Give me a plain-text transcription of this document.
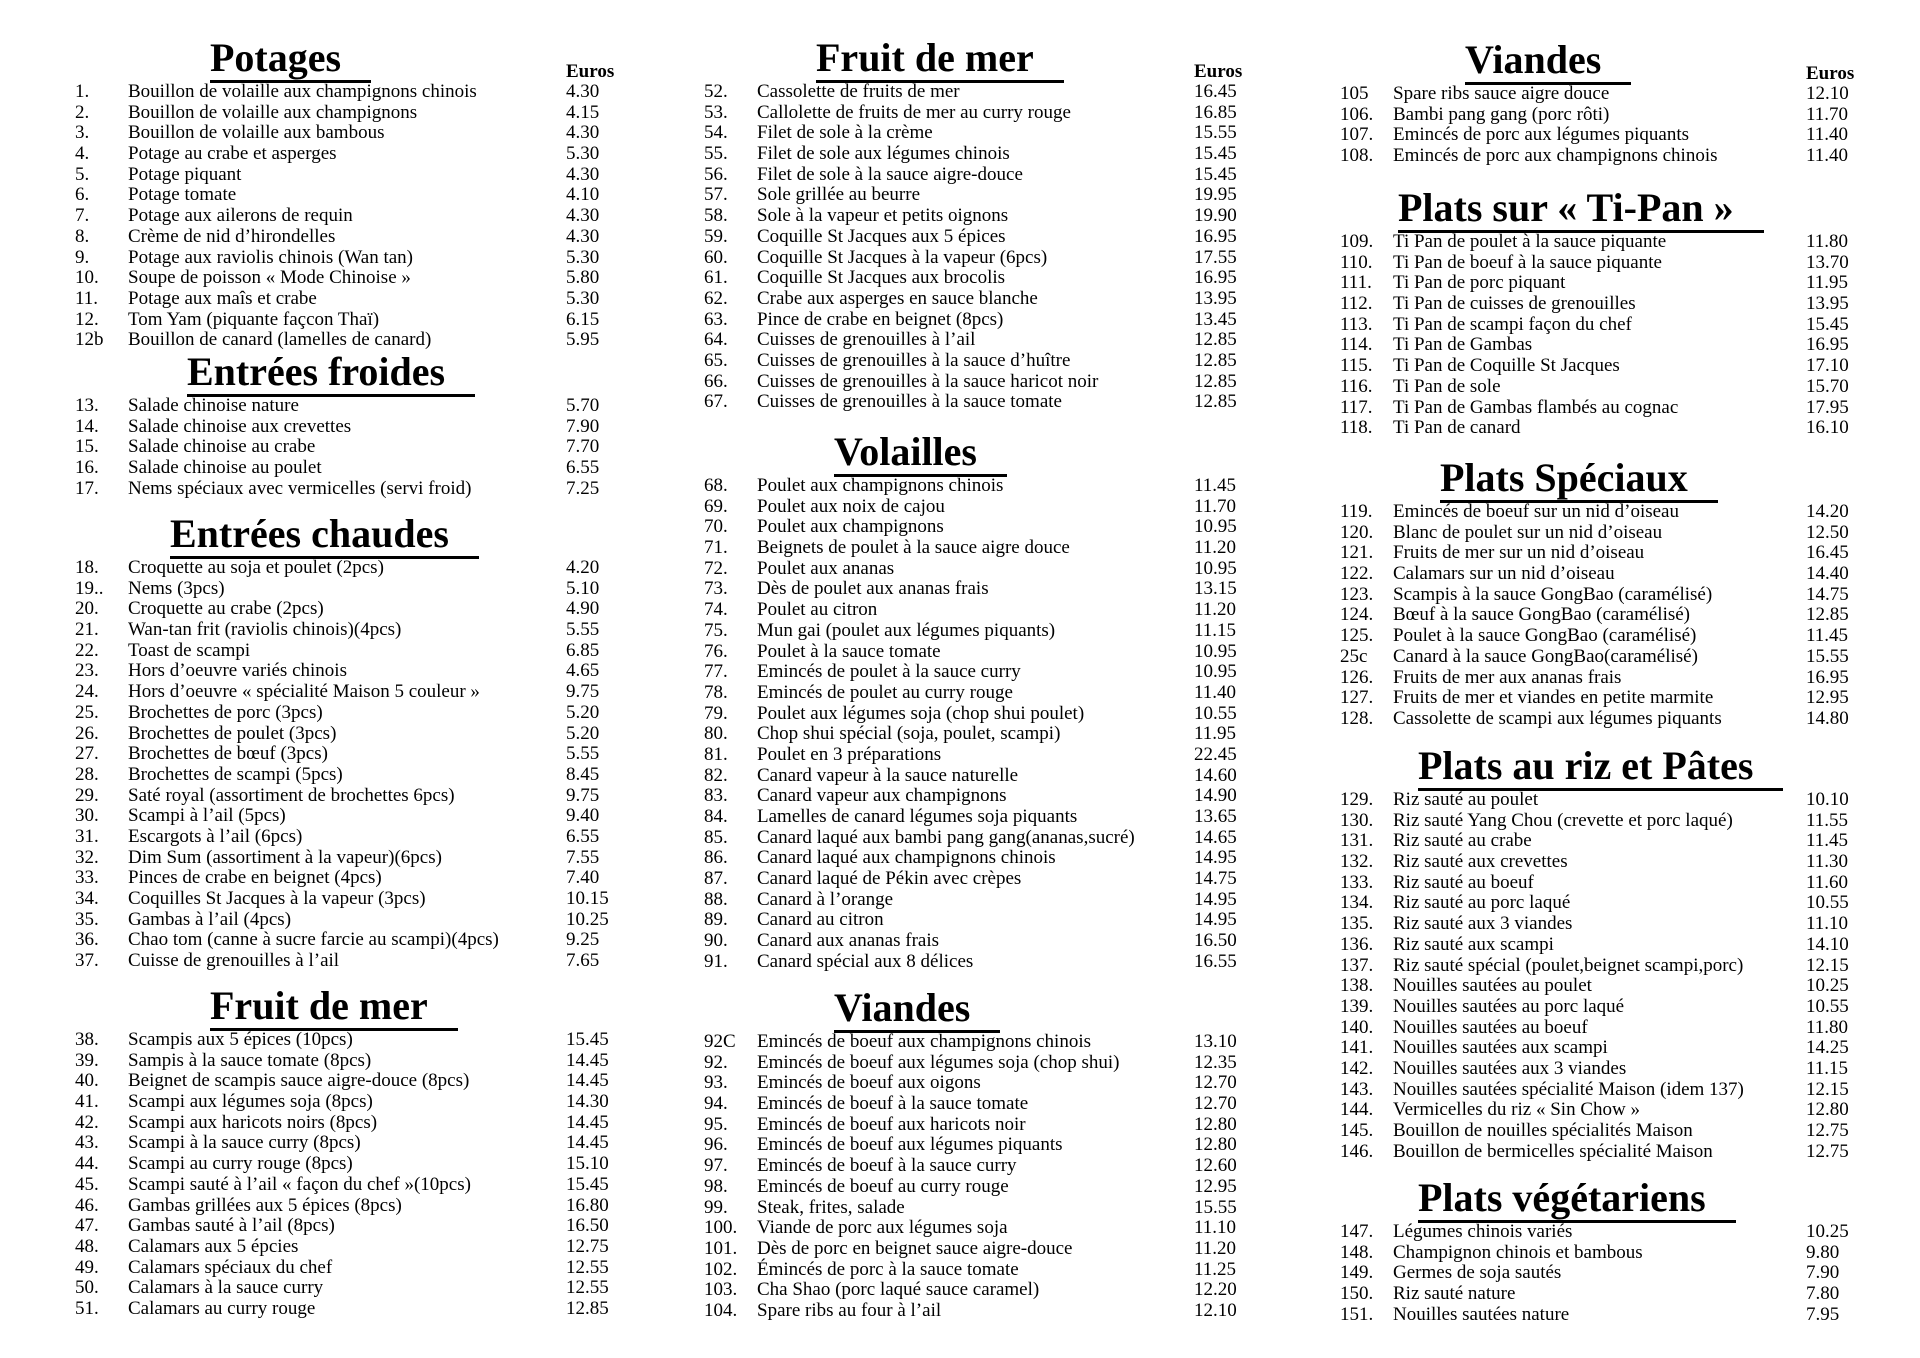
Potages	Euros
1. Bouillon de volaille aux champignons chinois	4.30
2. Bouillon de volaille aux champignons	4.15
3. Bouillon de volaille aux bambous	4.30
4. Potage au crabe et asperges	5.30
5. Potage piquant	4.30
6. Potage tomate	4.10
7. Potage aux ailerons de requin	4.30
8. Crème de nid d’hirondelles	4.30
9. Potage aux raviolis chinois (Wan tan)	5.30
10. Soupe de poisson « Mode Chinoise »	5.80
11. Potage aux maîs et crabe	5.30
12. Tom Yam (piquante façcon Thaï)	6.15
12b Bouillon de canard (lamelles de canard)	5.95
Entrées froides
13. Salade chinoise nature	5.70
14. Salade chinoise aux crevettes	7.90
15. Salade chinoise au crabe	7.70
16. Salade chinoise au poulet	6.55
17. Nems spéciaux avec vermicelles (servi froid)	7.25
Entrées chaudes
18. Croquette au soja et poulet (2pcs)	4.20
19.. Nems (3pcs)	5.10
20. Croquette au crabe (2pcs)	4.90
21. Wan-tan frit (raviolis chinois)(4pcs)	5.55
22. Toast de scampi	6.85
23. Hors d’oeuvre variés chinois	4.65
24. Hors d’oeuvre « spécialité Maison 5 couleur »	9.75
25. Brochettes de porc (3pcs)	5.20
26. Brochettes de poulet (3pcs)	5.20
27. Brochettes de bœuf (3pcs)	5.55
28. Brochettes de scampi (5pcs)	8.45
29. Saté royal (assortiment de brochettes 6pcs)	9.75
30. Scampi à l’ail (5pcs)	9.40
31. Escargots à l’ail (6pcs)	6.55
32. Dim Sum (assortiment à la vapeur)(6pcs)	7.55
33. Pinces de crabe en beignet (4pcs)	7.40
34. Coquilles St Jacques à la vapeur (3pcs)	10.15
35. Gambas à l’ail (4pcs)	10.25
36. Chao tom (canne à sucre farcie au scampi)(4pcs)	9.25
37. Cuisse de grenouilles à l’ail	7.65
Fruit de mer
38. Scampis aux 5 épices (10pcs)	15.45
39. Sampis à la sauce tomate (8pcs)	14.45
40. Beignet de scampis sauce aigre-douce (8pcs)	14.45
41. Scampi aux légumes soja (8pcs)	14.30
42. Scampi aux haricots noirs (8pcs)	14.45
43. Scampi à la sauce curry (8pcs)	14.45
44. Scampi au curry rouge (8pcs)	15.10
45. Scampi sauté à l’ail « façon du chef »(10pcs)	15.45
46. Gambas grillées aux 5 épices (8pcs)	16.80
47. Gambas sauté à l’ail (8pcs)	16.50
48. Calamars aux 5 épcies	12.75
49. Calamars spéciaux du chef	12.55
50. Calamars à la sauce curry	12.55
51. Calamars au curry rouge	12.85
Fruit de mer	Euros
52. Cassolette de fruits de mer	16.45
53. Callolette de fruits de mer au curry rouge	16.85
54. Filet de sole à la crème	15.55
55. Filet de sole aux légumes chinois	15.45
56. Filet de sole à la sauce aigre-douce	15.45
57. Sole grillée au beurre	19.95
58. Sole à la vapeur et petits oignons	19.90
59. Coquille St Jacques aux 5 épices	16.95
60. Coquille St Jacques à la vapeur (6pcs)	17.55
61. Coquille St Jacques aux brocolis	16.95
62. Crabe aux asperges en sauce blanche	13.95
63. Pince de crabe en beignet (8pcs)	13.45
64. Cuisses de grenouilles à l’ail	12.85
65. Cuisses de grenouilles à la sauce d’huître	12.85
66. Cuisses de grenouilles à la sauce haricot noir	12.85
67. Cuisses de grenouilles à la sauce tomate	12.85
Volailles
68. Poulet aux champignons chinois	11.45
69. Poulet aux noix de cajou	11.70
70. Poulet aux champignons	10.95
71. Beignets de poulet à la sauce aigre douce	11.20
72. Poulet aux ananas	10.95
73. Dès de poulet aux ananas frais	13.15
74. Poulet au citron	11.20
75. Mun gai (poulet aux légumes piquants)	11.15
76. Poulet à la sauce tomate	10.95
77. Emincés de poulet à la sauce curry	10.95
78. Emincés de poulet au curry rouge	11.40
79. Poulet aux légumes soja (chop shui poulet)	10.55
80. Chop shui spécial (soja, poulet, scampi)	11.95
81. Poulet en 3 préparations	22.45
82. Canard vapeur à la sauce naturelle	14.60
83. Canard vapeur aux champignons	14.90
84. Lamelles de canard légumes soja piquants	13.65
85. Canard laqué aux bambi pang gang(ananas,sucré)	14.65
86. Canard laqué aux champignons chinois	14.95
87. Canard laqué de Pékin avec crèpes	14.75
88. Canard à l’orange	14.95
89. Canard au citron	14.95
90. Canard aux ananas frais	16.50
91. Canard spécial aux 8 délices	16.55
Viandes
92C Emincés de boeuf aux champignons chinois	13.10
92. Emincés de boeuf aux légumes soja (chop shui)	12.35
93. Emincés de boeuf aux oigons	12.70
94. Emincés de boeuf à la sauce tomate	12.70
95. Emincés de boeuf aux haricots noir	12.80
96. Emincés de boeuf aux légumes piquants	12.80
97. Emincés de boeuf à la sauce curry	12.60
98. Emincés de boeuf au curry rouge	12.95
99. Steak, frites, salade	15.55
100. Viande de porc aux légumes soja	11.10
101. Dès de porc en beignet sauce aigre-douce	11.20
102. Émincés de porc à la sauce tomate	11.25
103. Cha Shao (porc laqué sauce caramel)	12.20
104. Spare ribs au four à l’ail	12.10
Viandes	Euros
105 Spare ribs sauce aigre douce	12.10
106. Bambi pang gang (porc rôti)	11.70
107. Emincés de porc aux légumes piquants	11.40
108. Emincés de porc aux champignons chinois	11.40
Plats sur « Ti-Pan »
109. Ti Pan de poulet à la sauce piquante	11.80
110. Ti Pan de boeuf à la sauce piquante	13.70
111. Ti Pan de porc piquant	11.95
112. Ti Pan de cuisses de grenouilles	13.95
113. Ti Pan de scampi façon du chef	15.45
114. Ti Pan de Gambas	16.95
115. Ti Pan de Coquille St Jacques	17.10
116. Ti Pan de sole	15.70
117. Ti Pan de Gambas flambés au cognac	17.95
118. Ti Pan de canard	16.10
Plats Spéciaux
119. Emincés de boeuf sur un nid d’oiseau	14.20
120. Blanc de poulet sur un nid d’oiseau	12.50
121. Fruits de mer sur un nid d’oiseau	16.45
122. Calamars sur un nid d’oiseau	14.40
123. Scampis à la sauce GongBao (caramélisé)	14.75
124. Bœuf à la sauce GongBao (caramélisé)	12.85
125. Poulet à la sauce GongBao (caramélisé)	11.45
25c Canard à la sauce GongBao(caramélisé)	15.55
126. Fruits de mer aux ananas frais	16.95
127. Fruits de mer et viandes en petite marmite	12.95
128. Cassolette de scampi aux légumes piquants	14.80
Plats au riz et Pâtes
129. Riz sauté au poulet	10.10
130. Riz sauté Yang Chou (crevette et porc laqué)	11.55
131. Riz sauté au crabe	11.45
132. Riz sauté aux crevettes	11.30
133. Riz sauté au boeuf	11.60
134. Riz sauté au porc laqué	10.55
135. Riz sauté aux 3 viandes	11.10
136. Riz sauté aux scampi	14.10
137. Riz sauté spécial (poulet,beignet scampi,porc)	12.15
138. Nouilles sautées au poulet	10.25
139. Nouilles sautées au porc laqué	10.55
140. Nouilles sautées au boeuf	11.80
141. Nouilles sautées aux scampi	14.25
142. Nouilles sautées aux 3 viandes	11.15
143. Nouilles sautées spécialité Maison (idem 137)	12.15
144. Vermicelles du riz « Sin Chow »	12.80
145. Bouillon de nouilles spécialités Maison	12.75
146. Bouillon de bermicelles spécialité Maison	12.75
Plats végétariens
147. Légumes chinois variés	10.25
148. Champignon chinois et bambous	9.80
149. Germes de soja sautés	7.90
150. Riz sauté nature	7.80
151. Nouilles sautées nature	7.95
